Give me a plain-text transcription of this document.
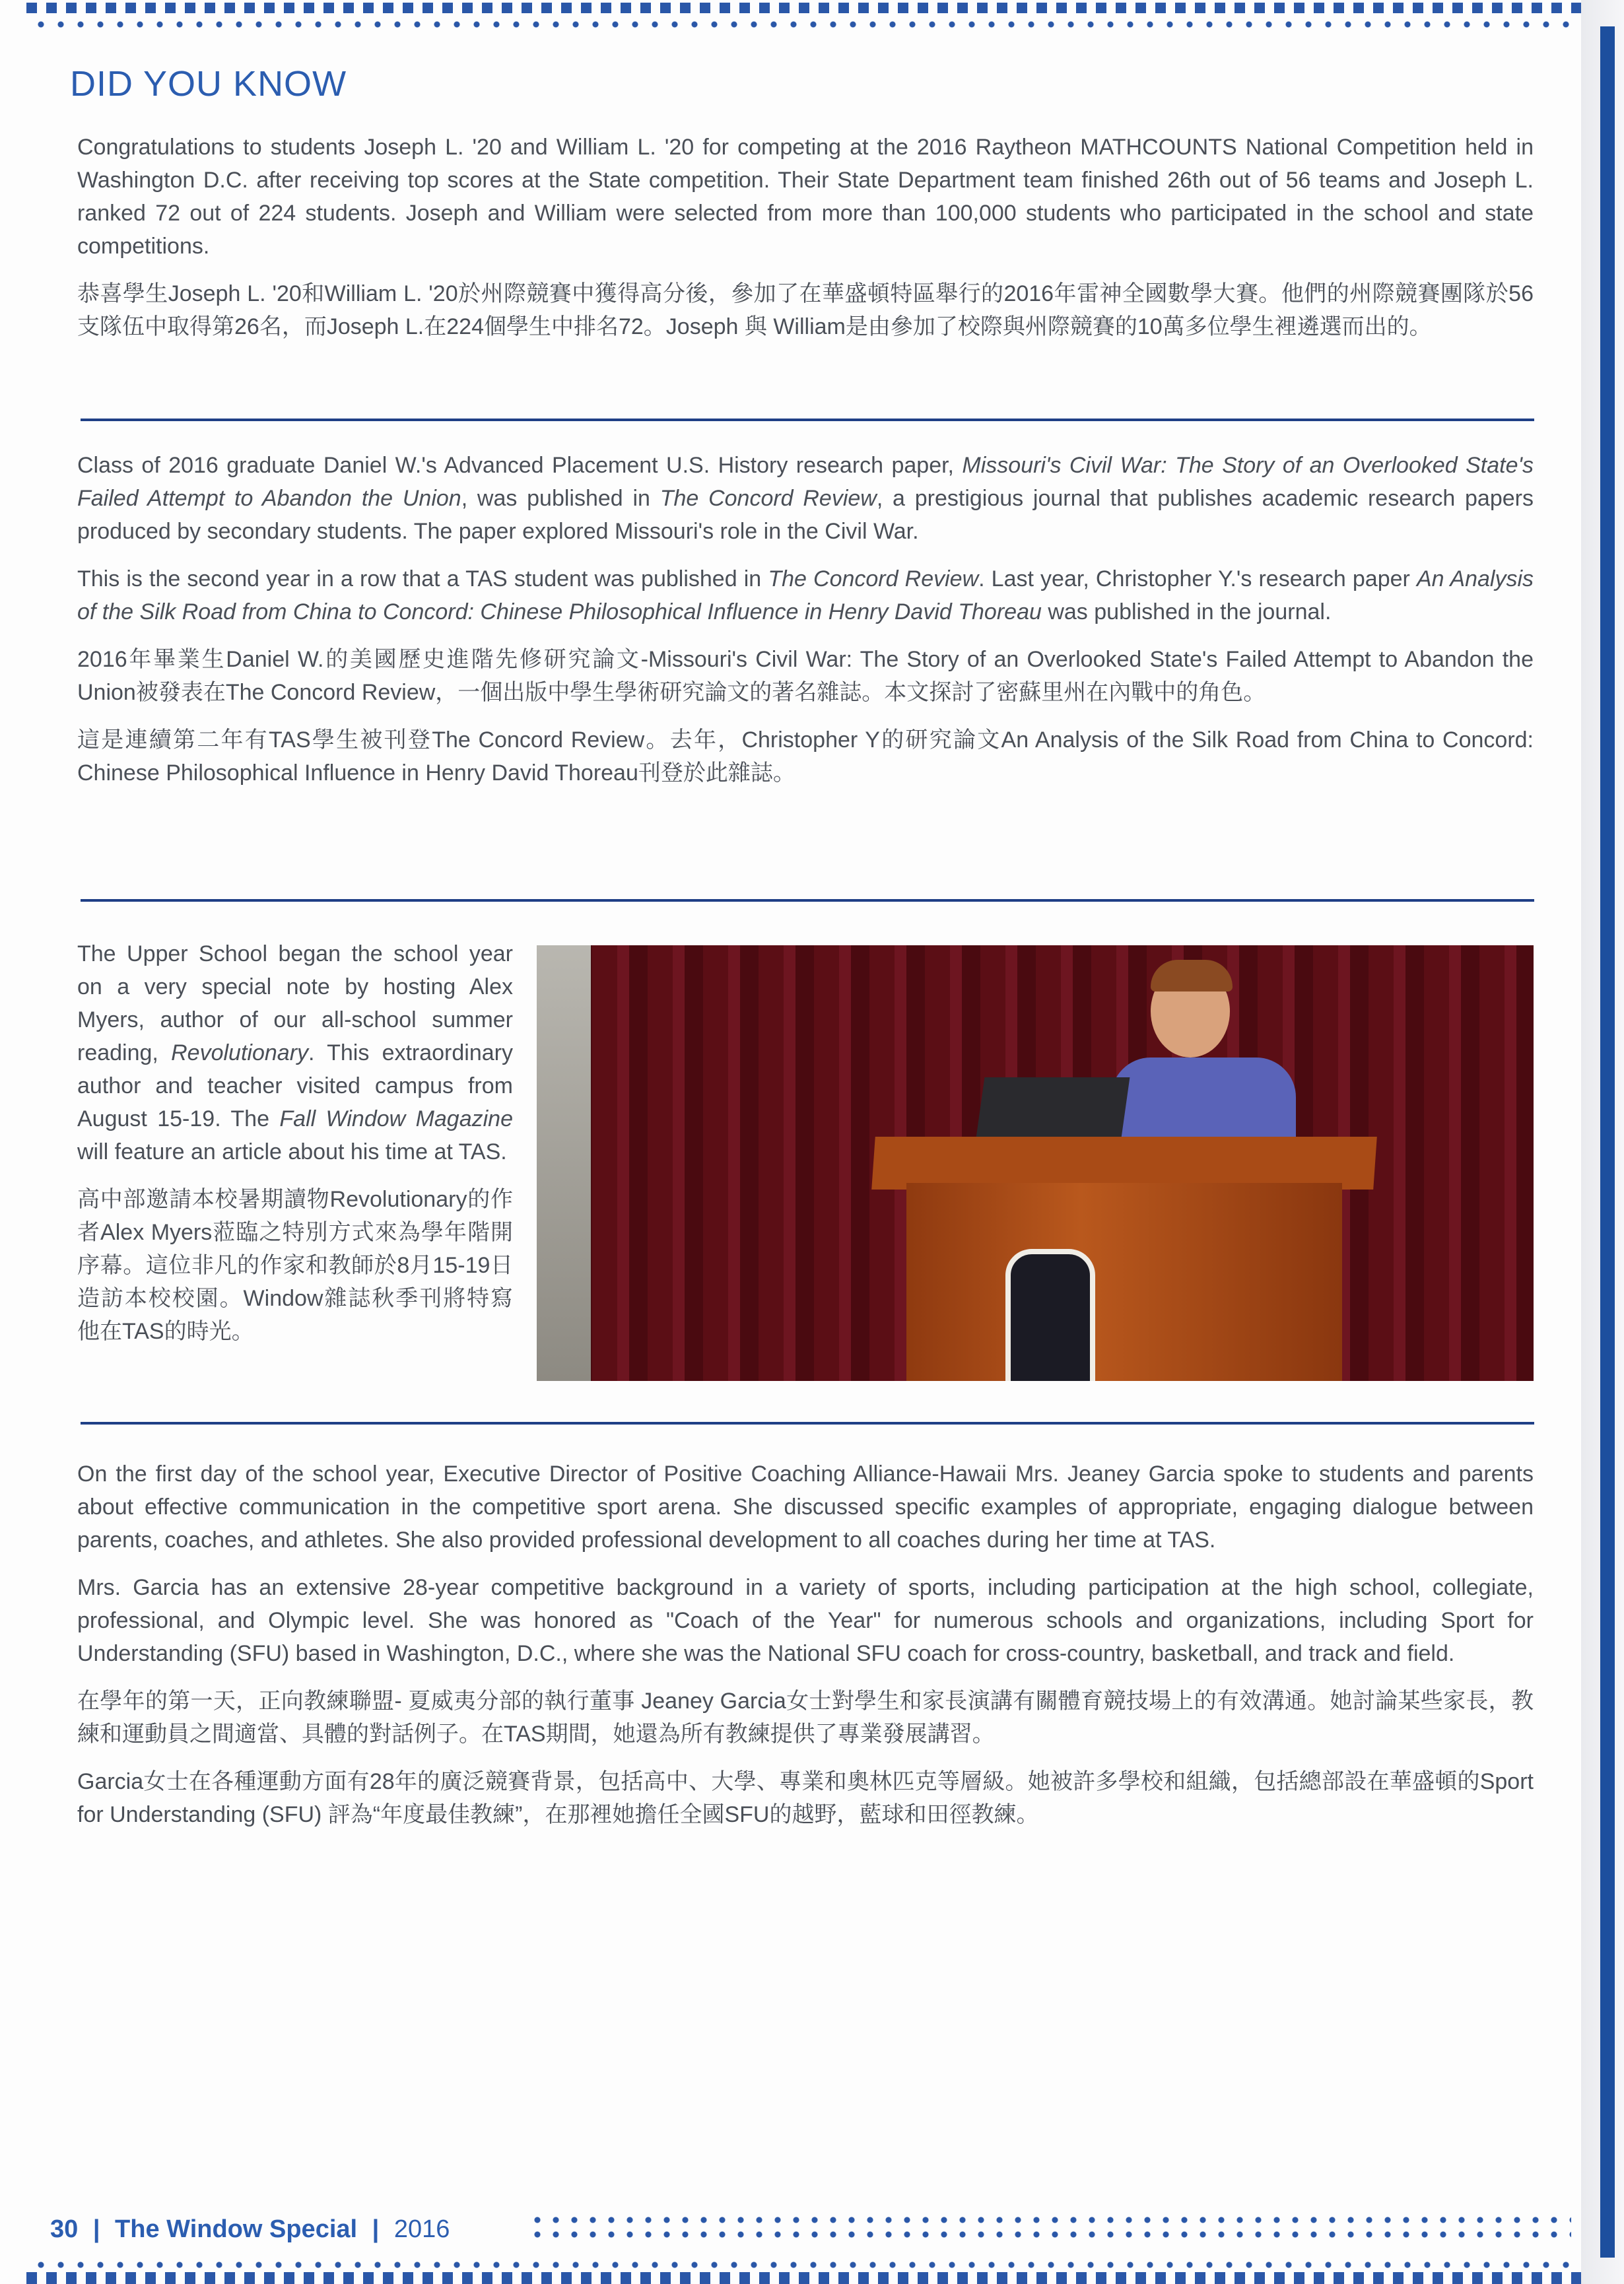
DID YOU KNOW

Congratulations to students Joseph L. '20 and William L. '20 for competing at the 2016 Raytheon MATHCOUNTS National Competition held in Washington D.C. after receiving top scores at the State competition. Their State Department team finished 26th out of 56 teams and Joseph L. ranked 72 out of 224 students. Joseph and William were selected from more than 100,000 students who participated in the school and state competitions.

恭喜學生Joseph L. '20和William L. '20於州際競賽中獲得高分後，參加了在華盛頓特區舉行的2016年雷神全國數學大賽。他們的州際競賽團隊於56支隊伍中取得第26名，而Joseph L.在224個學生中排名72。Joseph 與 William是由參加了校際與州際競賽的10萬多位學生裡遴選而出的。

Class of 2016 graduate Daniel W.'s Advanced Placement U.S. History research paper, Missouri's Civil War: The Story of an Overlooked State's Failed Attempt to Abandon the Union, was published in The Concord Review, a prestigious journal that publishes academic research papers produced by secondary students. The paper explored Missouri's role in the Civil War.

This is the second year in a row that a TAS student was published in The Concord Review. Last year, Christopher Y.'s research paper An Analysis of the Silk Road from China to Concord: Chinese Philosophical Influence in Henry David Thoreau was published in the journal.

2016年畢業生Daniel W.的美國歷史進階先修研究論文-Missouri's Civil War: The Story of an Overlooked State's Failed Attempt to Abandon the Union被發表在The Concord Review，一個出版中學生學術研究論文的著名雜誌。本文探討了密蘇里州在內戰中的角色。

這是連續第二年有TAS學生被刊登The Concord Review。去年，Christopher Y的研究論文An Analysis of the Silk Road from China to Concord: Chinese Philosophical Influence in Henry David Thoreau刊登於此雜誌。

The Upper School began the school year on a very special note by hosting Alex Myers, author of our all-school summer reading, Revolutionary. This extraordinary author and teacher visited campus from August 15-19. The Fall Window Magazine will feature an article about his time at TAS.

高中部邀請本校暑期讀物Revolutionary的作者Alex Myers蒞臨之特別方式來為學年階開序幕。這位非凡的作家和教師於8月15-19日造訪本校校園。Window雜誌秋季刊將特寫他在TAS的時光。

On the first day of the school year, Executive Director of Positive Coaching Alliance-Hawaii Mrs. Jeaney Garcia spoke to students and parents about effective communication in the competitive sport arena. She discussed specific examples of appropriate, engaging dialogue between parents, coaches, and athletes. She also provided professional development to all coaches during her time at TAS.

Mrs. Garcia has an extensive 28-year competitive background in a variety of sports, including participation at the high school, collegiate, professional, and Olympic level. She was honored as "Coach of the Year" for numerous schools and organizations, including Sport for Understanding (SFU) based in Washington, D.C., where she was the National SFU coach for cross-country, basketball, and track and field.

在學年的第一天，正向教練聯盟- 夏威夷分部的執行董事 Jeaney Garcia女士對學生和家長演講有關體育競技場上的有效溝通。她討論某些家長，教練和運動員之間適當、具體的對話例子。在TAS期間，她還為所有教練提供了專業發展講習。

Garcia女士在各種運動方面有28年的廣泛競賽背景，包括高中、大學、專業和奧林匹克等層級。她被許多學校和組織，包括總部設在華盛頓的Sport for Understanding (SFU) 評為“年度最佳教練”，在那裡她擔任全國SFU的越野，藍球和田徑教練。

30 | The Window Special | 2016
